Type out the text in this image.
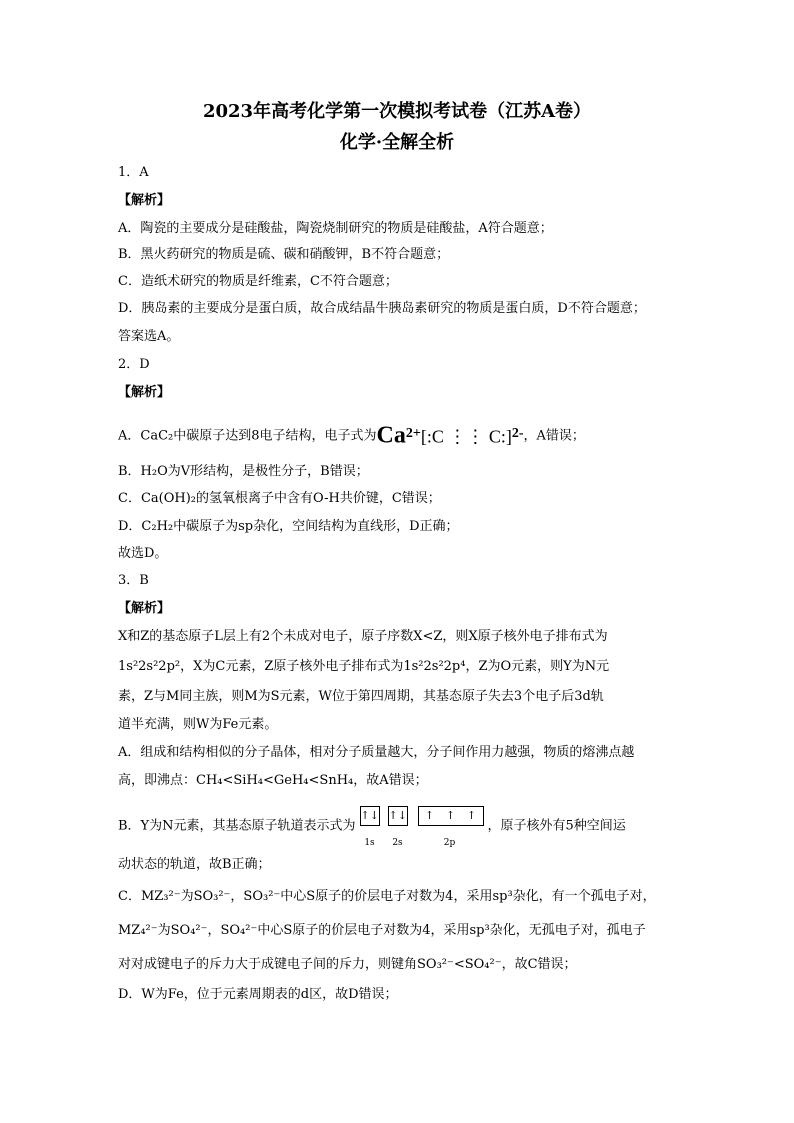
2023年高考化学第一次模拟考试卷（江苏A卷）
化学·全解全析
1．A
【解析】
A．陶瓷的主要成分是硅酸盐，陶瓷烧制研究的物质是硅酸盐，A符合题意；
B．黑火药研究的物质是硫、碳和硝酸钾，B不符合题意；
C．造纸术研究的物质是纤维素，C不符合题意；
D．胰岛素的主要成分是蛋白质，故合成结晶牛胰岛素研究的物质是蛋白质，D不符合题意；
答案选A。
2．D
【解析】
A．CaC₂中碳原子达到8电子结构，电子式为Ca2+[:C ⋮⋮ C:]2-，A错误；
B．H₂O为V形结构，是极性分子，B错误；
C．Ca(OH)₂的氢氧根离子中含有O-H共价键，C错误；
D．C₂H₂中碳原子为sp杂化，空间结构为直线形，D正确；
故选D。
3．B
【解析】
X和Z的基态原子L层上有2个未成对电子，原子序数X<Z，则X原子核外电子排布式为
1s²2s²2p²，X为C元素，Z原子核外电子排布式为1s²2s²2p⁴，Z为O元素，则Y为N元
素，Z与M同主族，则M为S元素，W位于第四周期，其基态原子失去3个电子后3d轨
道半充满，则W为Fe元素。
A．组成和结构相似的分子晶体，相对分子质量越大，分子间作用力越强，物质的熔沸点越
高，即沸点：CH₄<SiH₄<GeH₄<SnH₄，故A错误；
B．Y为N元素，其基态原子轨道表示式为
↑↓
1s
↑↓
2s
↑	↑	↑
2p
，原子核外有5种空间运
动状态的轨道，故B正确；
C．MZ₃²⁻为SO₃²⁻，SO₃²⁻中心S原子的价层电子对数为4，采用sp³杂化，有一个孤电子对，
MZ₄²⁻为SO₄²⁻，SO₄²⁻中心S原子的价层电子对数为4，采用sp³杂化，无孤电子对，孤电子
对对成键电子的斥力大于成键电子间的斥力，则键角SO₃²⁻<SO₄²⁻，故C错误；
D．W为Fe，位于元素周期表的d区，故D错误；
